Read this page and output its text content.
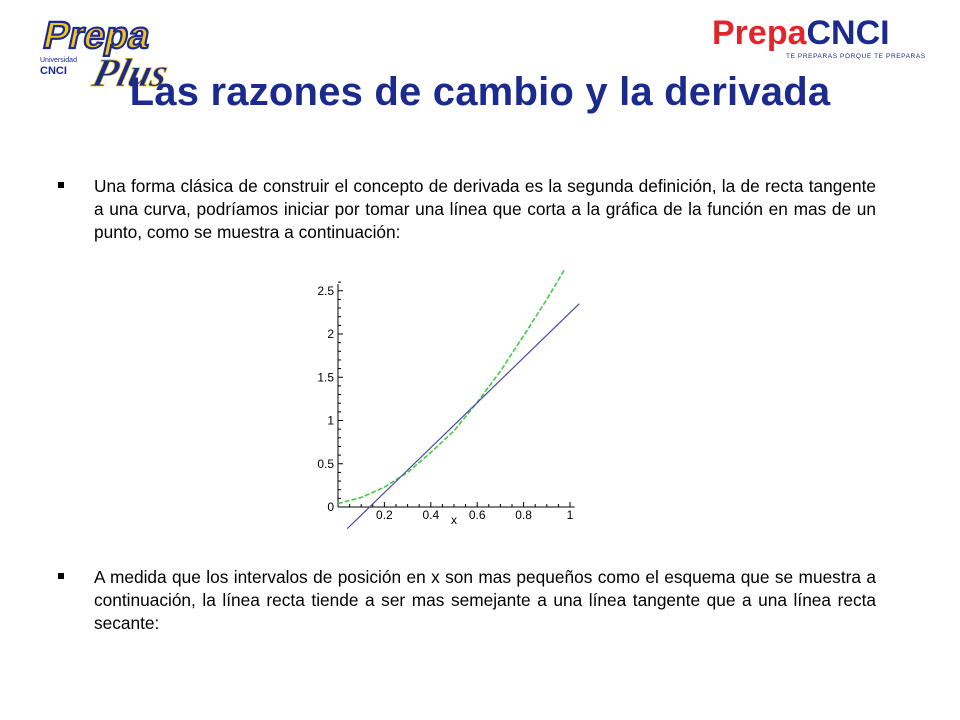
Prepa
Universidad
CNCI Plus
PrepaCNCI
TE PREPARAS PORQUE TE PREPARAS
Las razones de cambio y la derivada
Una forma clásica de construir el concepto de derivada es la segunda definición, la de recta tangente a una curva, podríamos iniciar por tomar una línea que corta a la gráfica de la función en mas de un punto, como se muestra a continuación:
0
0.5
1
1.5
2
2.5
0.2 0.4 0.6 0.8	1
x
A medida que los intervalos de posición en x son mas pequeños como el esquema que se muestra a continuación, la línea recta tiende a ser mas semejante a una línea tangente que a una línea recta secante:
